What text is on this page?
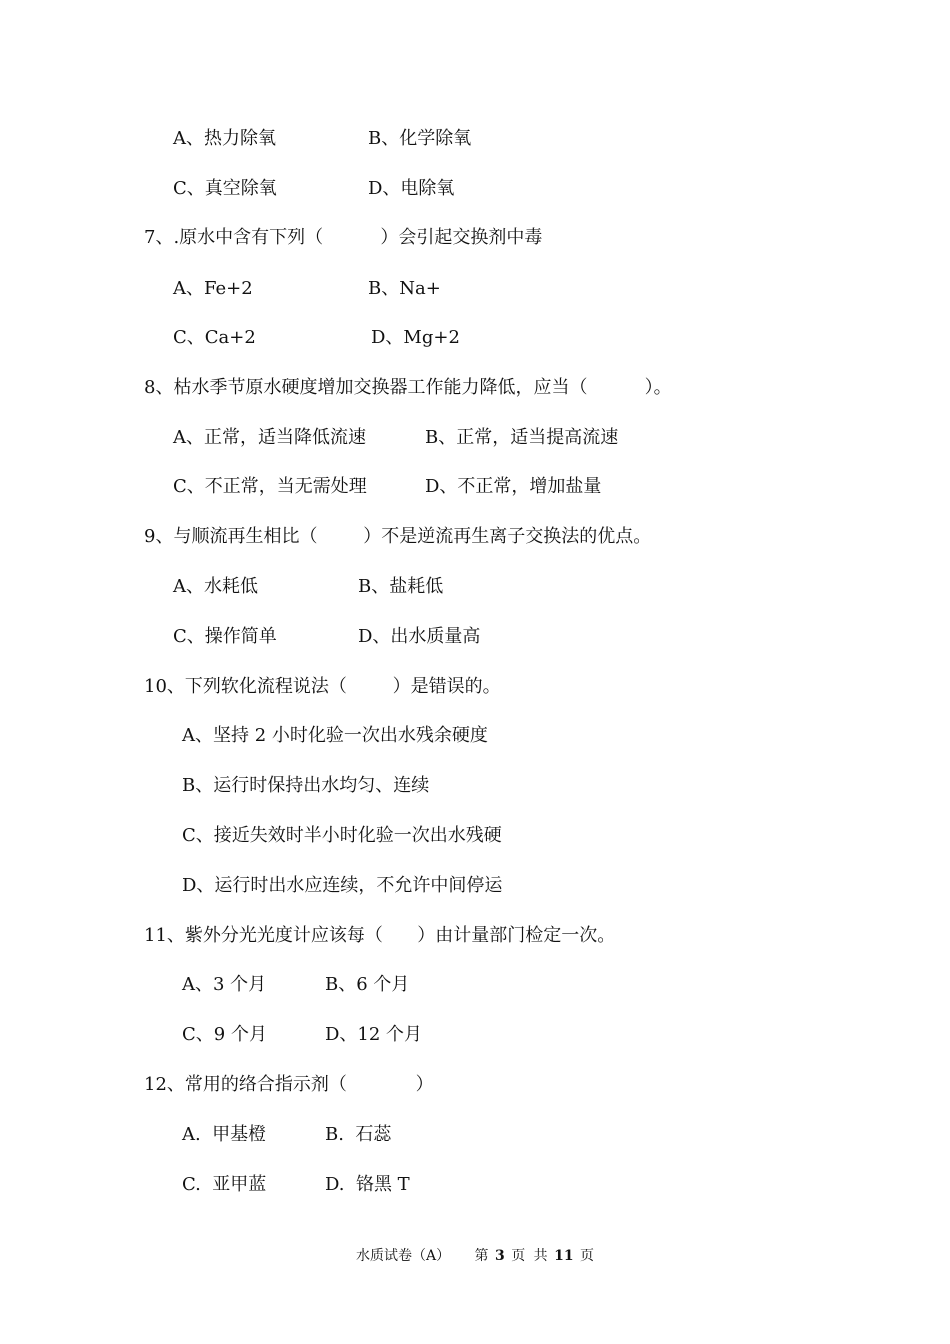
A、热力除氧	B、化学除氧
C、真空除氧	D、电除氧
7、.原水中含有下列（          ）会引起交换剂中毒
A、Fe+2	B、Na+
C、Ca+2	D、Mg+2
8、枯水季节原水硬度增加交换器工作能力降低，应当（          ）。
A、正常，适当降低流速	B、正常，适当提高流速
C、不正常，当无需处理	D、不正常，增加盐量
9、与顺流再生相比（        ）不是逆流再生离子交换法的优点。
A、水耗低	B、盐耗低
C、操作简单	D、出水质量高
10、下列软化流程说法（        ）是错误的。
A、坚持 2 小时化验一次出水残余硬度
B、运行时保持出水均匀、连续
C、接近失效时半小时化验一次出水残硬
D、运行时出水应连续，不允许中间停运
11、紫外分光光度计应该每（      ）由计量部门检定一次。
A、3 个月	B、6 个月
C、9 个月	D、12 个月
12、常用的络合指示剂（            ）
A.  甲基橙	B.  石蕊
C.  亚甲蓝	D.  铬黑 T
水质试卷（A） 第 3 页 共 11 页
